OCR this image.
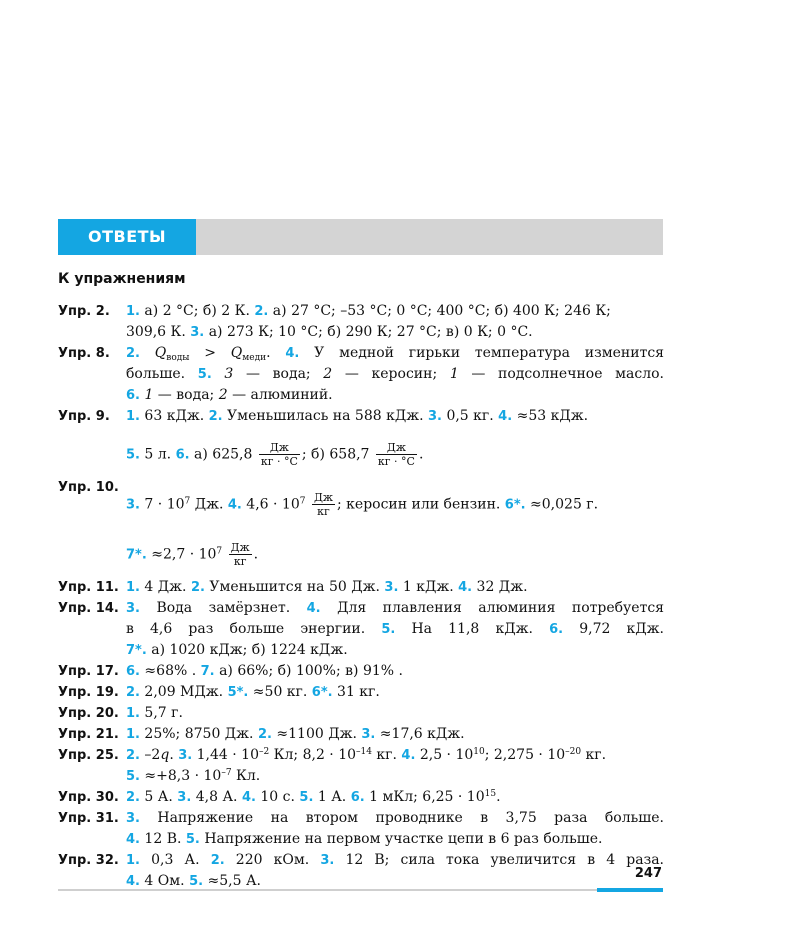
ОТВЕТЫ
К упражнениям
Упр. 2.	1. а) 2 °С; б) 2 К. 2. а) 27 °С; –53 °С; 0 °С; 400 °С; б) 400 К; 246 К;
309,6 К. 3. а) 273 К; 10 °С; б) 290 К; 27 °С; в) 0 К; 0 °С.
Упр. 8.	2. $Q_{воды} > Q_{меди}$. 4. У медной гирьки температура изменится
больше. 5. 3 — вода; 2 — керосин; 1 — подсолнечное масло.
6. 1 — вода; 2 — алюминий.
Упр. 9.	1. 63 кДж. 2. Уменьшилась на 588 кДж. 3. 0,5 кг. 4. ≈53 кДж.
5. 5 л. 6. а) $625,8 \frac{Дж}{кг \cdot ^\circ С}$ ; б) $658,7 \frac{Дж}{кг \cdot ^\circ С}$ .
Упр. 10.
3. $7 \cdot 10^7$ Дж. 4. $4,6 \cdot 10^7 \frac{Дж}{кг}$ ; керосин или бензин. 6*. ≈0,025 г.
7*. $\approx 2,7 \cdot 10^7 \frac{Дж}{кг}$ .
Упр. 11. 1. 4 Дж. 2. Уменьшится на 50 Дж. 3. 1 кДж. 4. 32 Дж.
Упр. 14. 3. Вода замёрзнет. 4. Для плавления алюминия потребуется
в 4,6 раз больше энергии. 5. На 11,8 кДж. 6. 9,72 кДж.
7*. а) 1020 кДж; б) 1224 кДж.
Упр. 17. 6. ≈68% . 7. а) 66%; б) 100%; в) 91% .
Упр. 19. 2. 2,09 МДж. 5*. ≈50 кг. 6*. 31 кг.
Упр. 20. 1. 5,7 г.
Упр. 21. 1. 25%; 8750 Дж. 2. ≈1100 Дж. 3. ≈17,6 кДж.
Упр. 25. 2. –2q. 3. $1,44 \cdot 10^{-2}$ Кл; $8,2 \cdot 10^{-14}$ кг. 4. $2,5 \cdot 10^{10}$; $2,275 \cdot 10^{-20}$ кг.
5. $\approx+8,3 \cdot 10^{-7}$ Кл.
Упр. 30. 2. 5 А. 3. 4,8 А. 4. 10 с. 5. 1 А. 6. 1 мКл; $6,25 \cdot 10^{15}$.
Упр. 31. 3. Напряжение на втором проводнике в 3,75 раза больше.
4. 12 В. 5. Напряжение на первом участке цепи в 6 раз больше.
Упр. 32. 1. 0,3 А. 2. 220 кОм. 3. 12 В; сила тока увеличится в 4 раза.
4. 4 Ом. 5. ≈5,5 А.	247
